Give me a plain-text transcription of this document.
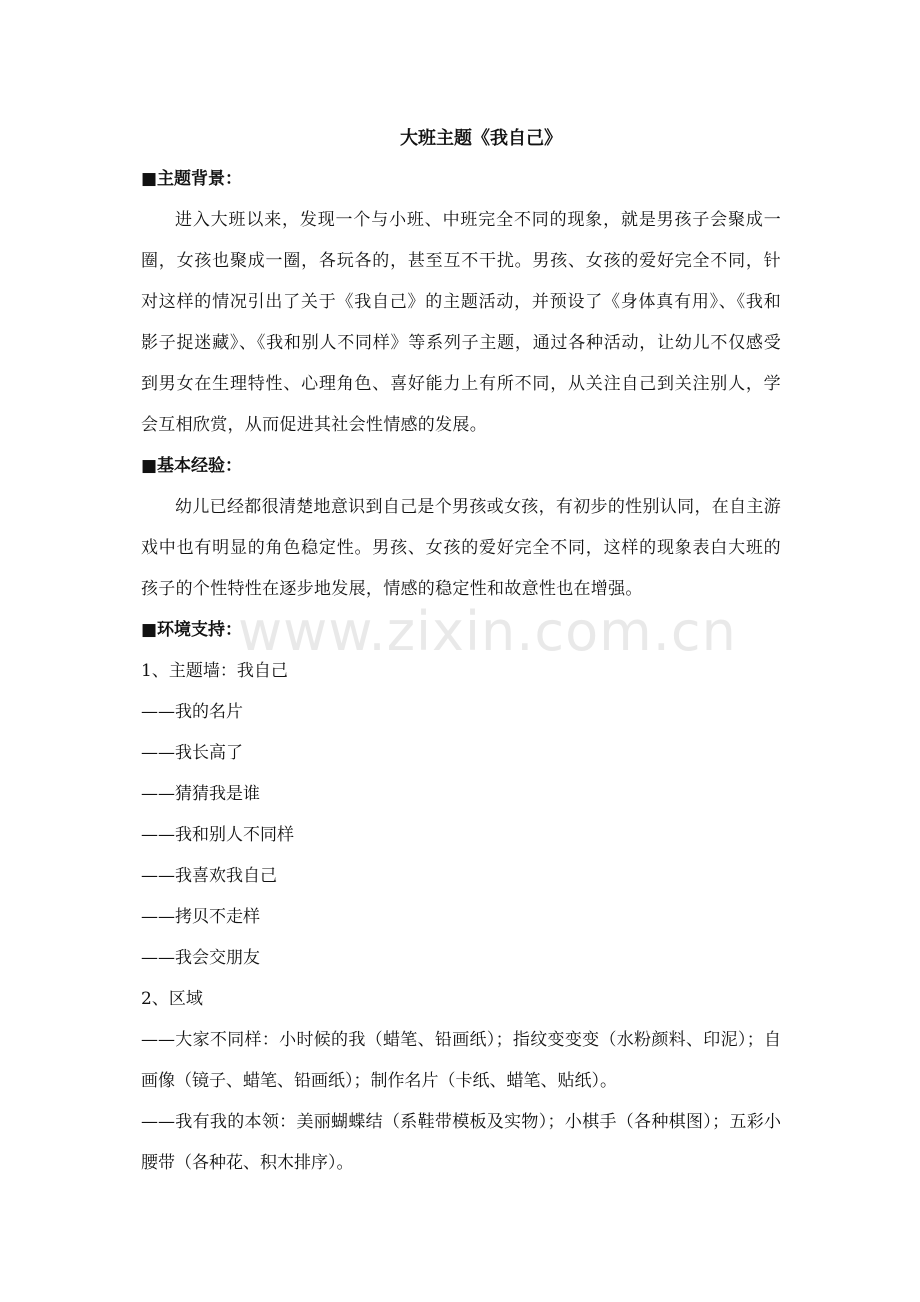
大班主题《我自己》

■主题背景：

进入大班以来，发现一个与小班、中班完全不同的现象，就是男孩子会聚成一圈，女孩也聚成一圈，各玩各的，甚至互不干扰。男孩、女孩的爱好完全不同，针对这样的情况引出了关于《我自己》的主题活动，并预设了《身体真有用》、《我和影子捉迷藏》、《我和别人不同样》等系列子主题，通过各种活动，让幼儿不仅感受到男女在生理特性、心理角色、喜好能力上有所不同，从关注自己到关注别人，学会互相欣赏，从而促进其社会性情感的发展。

■基本经验：

幼儿已经都很清楚地意识到自己是个男孩或女孩，有初步的性别认同，在自主游戏中也有明显的角色稳定性。男孩、女孩的爱好完全不同，这样的现象表白大班的孩子的个性特性在逐步地发展，情感的稳定性和故意性也在增强。

■环境支持：

1、主题墙：我自己

——我的名片

——我长高了

——猜猜我是谁

——我和别人不同样

——我喜欢我自己

——拷贝不走样

——我会交朋友

2、区域

——大家不同样：小时候的我（蜡笔、铅画纸）；指纹变变变（水粉颜料、印泥）；自画像（镜子、蜡笔、铅画纸）；制作名片（卡纸、蜡笔、贴纸）。

——我有我的本领：美丽蝴蝶结（系鞋带模板及实物）；小棋手（各种棋图）；五彩小腰带（各种花、积木排序）。

www.zixin.com.cn
